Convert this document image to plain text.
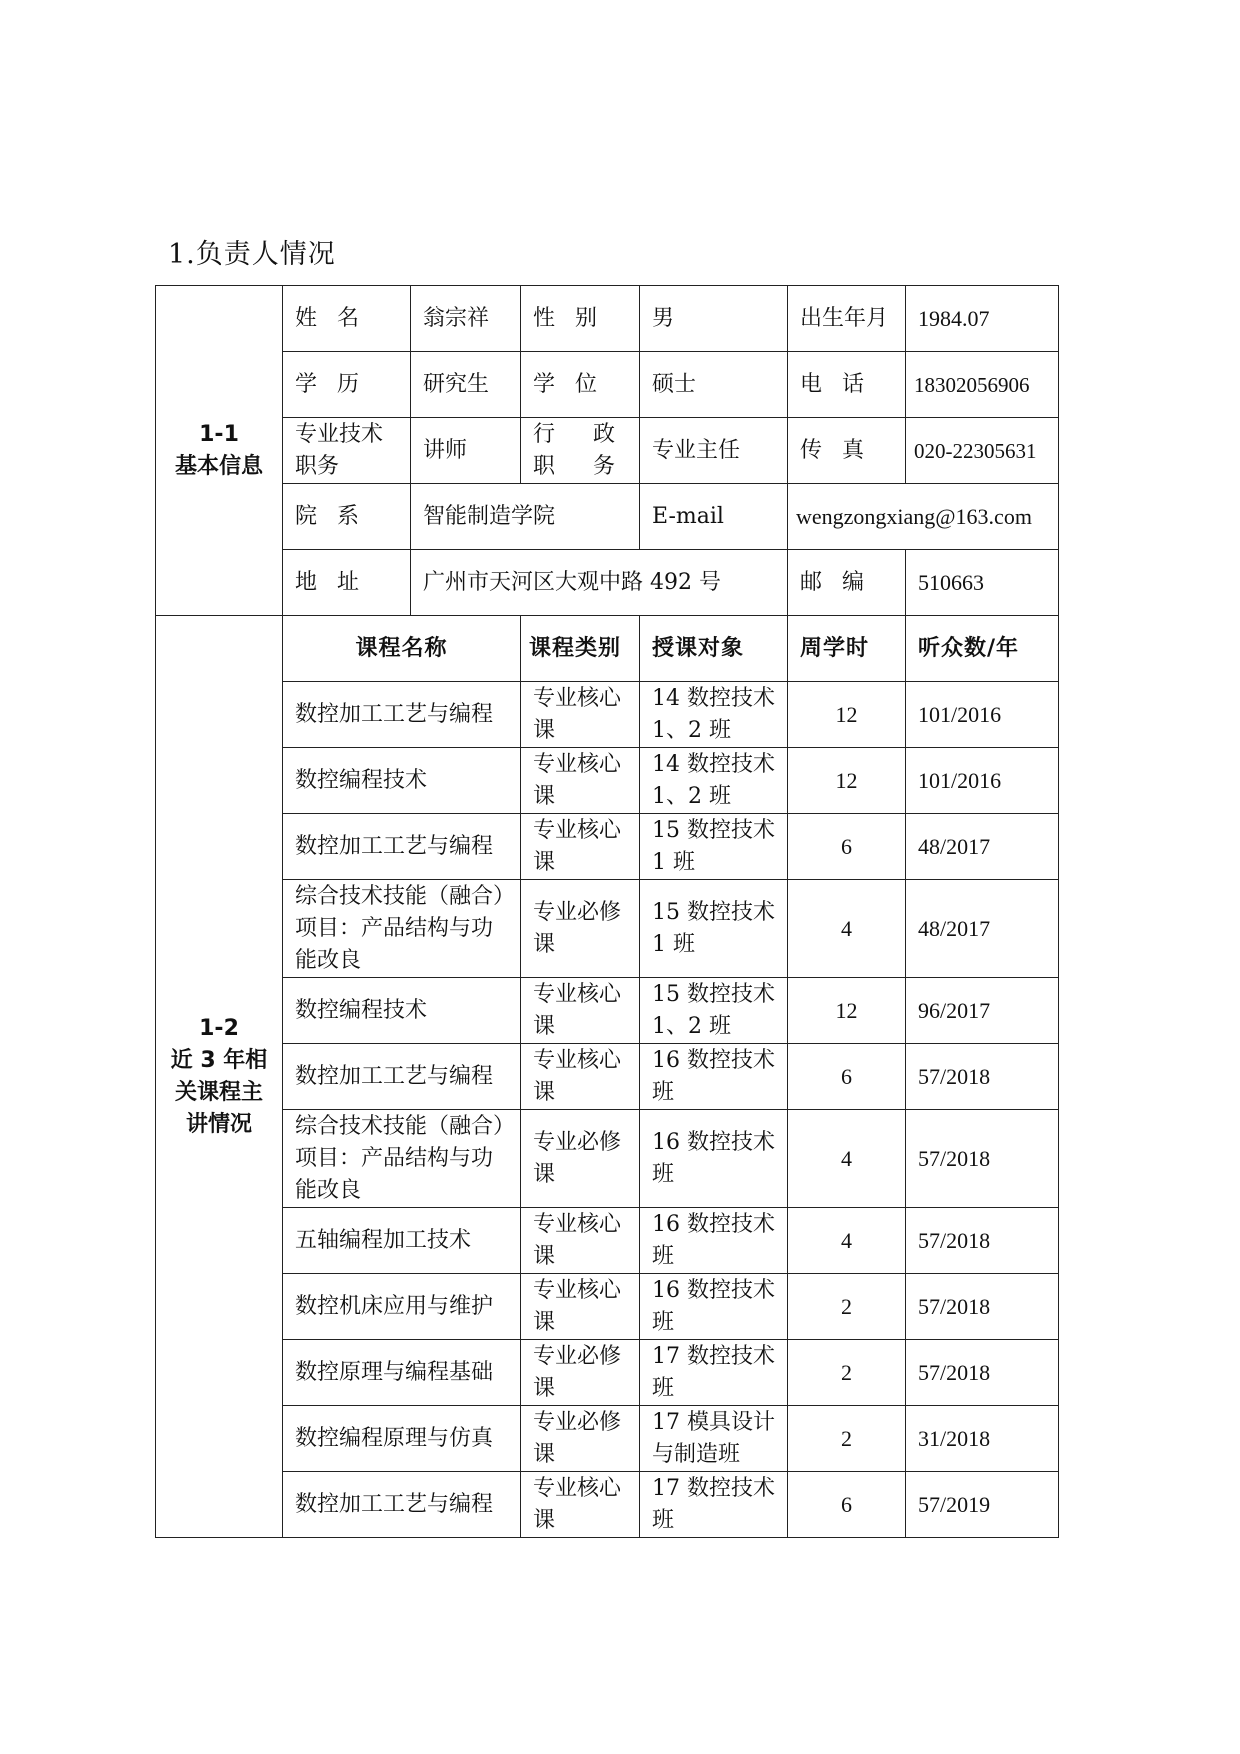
1.负责人情况
1-1
基本信息	姓  名	翁宗祥	性  别	男	出生年月	1984.07
	学  历	研究生	学  位	硕士	电  话	18302056906
	专业技术职务	讲师	行  政职  务	专业主任	传  真	020-22305631
	院  系	智能制造学院		E-mail	wengzongxiang@163.com	
	地  址	广州市天河区大观中路 492 号			邮  编	510663

1-2
近 3 年相关课程主讲情况	课程名称		课程类别	授课对象	周学时	听众数/年
	数控加工工艺与编程		专业核心课	14 数控技术 1、2 班	12	101/2016
	数控编程技术		专业核心课	14 数控技术 1、2 班	12	101/2016
	数控加工工艺与编程		专业核心课	15 数控技术 1 班	6	48/2017
	综合技术技能（融合）项目：产品结构与功能改良		专业必修课	15 数控技术 1 班	4	48/2017
	数控编程技术		专业核心课	15 数控技术 1、2 班	12	96/2017
	数控加工工艺与编程		专业核心课	16 数控技术班	6	57/2018
	综合技术技能（融合）项目：产品结构与功能改良		专业必修课	16 数控技术班	4	57/2018
	五轴编程加工技术		专业核心课	16 数控技术班	4	57/2018
	数控机床应用与维护		专业核心课	16 数控技术班	2	57/2018
	数控原理与编程基础		专业必修课	17 数控技术班	2	57/2018
	数控编程原理与仿真		专业必修课	17 模具设计与制造班	2	31/2018
	数控加工工艺与编程		专业核心课	17 数控技术班	6	57/2019
